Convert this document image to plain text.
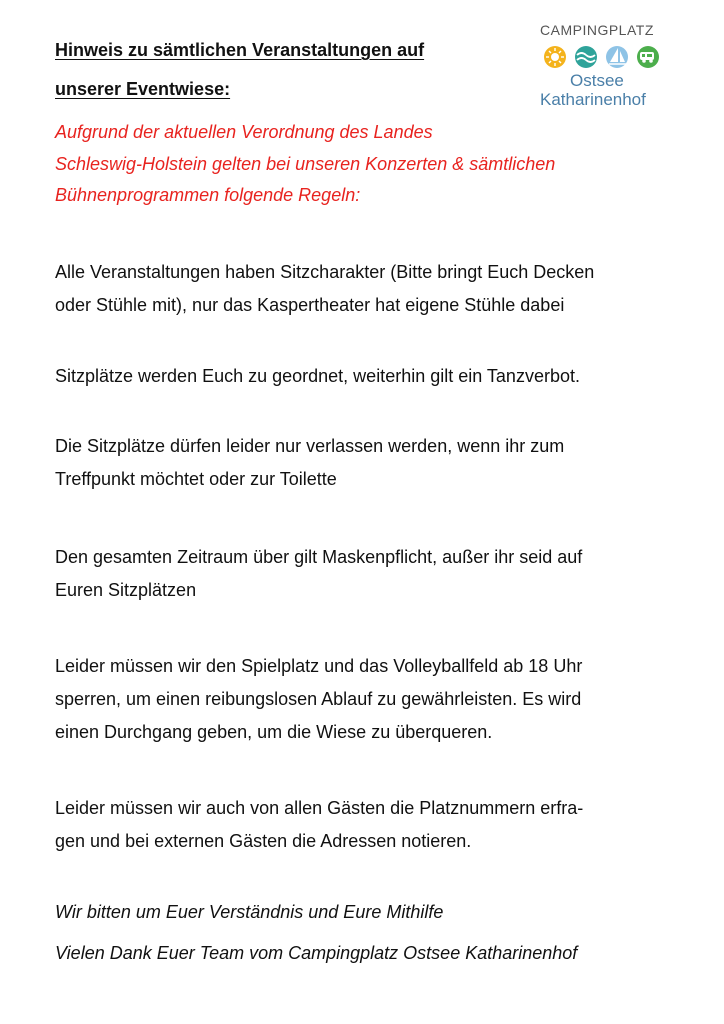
CAMPINGPLATZ
Ostsee
Katharinenhof
Hinweis zu sämtlichen Veranstaltungen auf
unserer Eventwiese:
Aufgrund der aktuellen Verordnung des Landes
Schleswig-Holstein gelten bei unseren Konzerten & sämtlichen
Bühnenprogrammen folgende Regeln:
Alle Veranstaltungen haben Sitzcharakter (Bitte bringt Euch Decken
oder Stühle mit), nur das Kaspertheater hat eigene Stühle dabei
Sitzplätze werden Euch zu geordnet, weiterhin gilt ein Tanzverbot.
Die Sitzplätze dürfen leider nur verlassen werden, wenn ihr zum
Treffpunkt möchtet oder zur Toilette
Den gesamten Zeitraum über gilt Maskenpflicht, außer ihr seid auf
Euren Sitzplätzen
Leider müssen wir den Spielplatz und das Volleyballfeld ab 18 Uhr
sperren, um einen reibungslosen Ablauf zu gewährleisten. Es wird
einen Durchgang geben, um die Wiese zu überqueren.
Leider müssen wir auch von allen Gästen die Platznummern erfra-
gen und bei externen Gästen die Adressen notieren.
Wir bitten um Euer Verständnis und Eure Mithilfe
Vielen Dank Euer Team vom Campingplatz Ostsee Katharinenhof
